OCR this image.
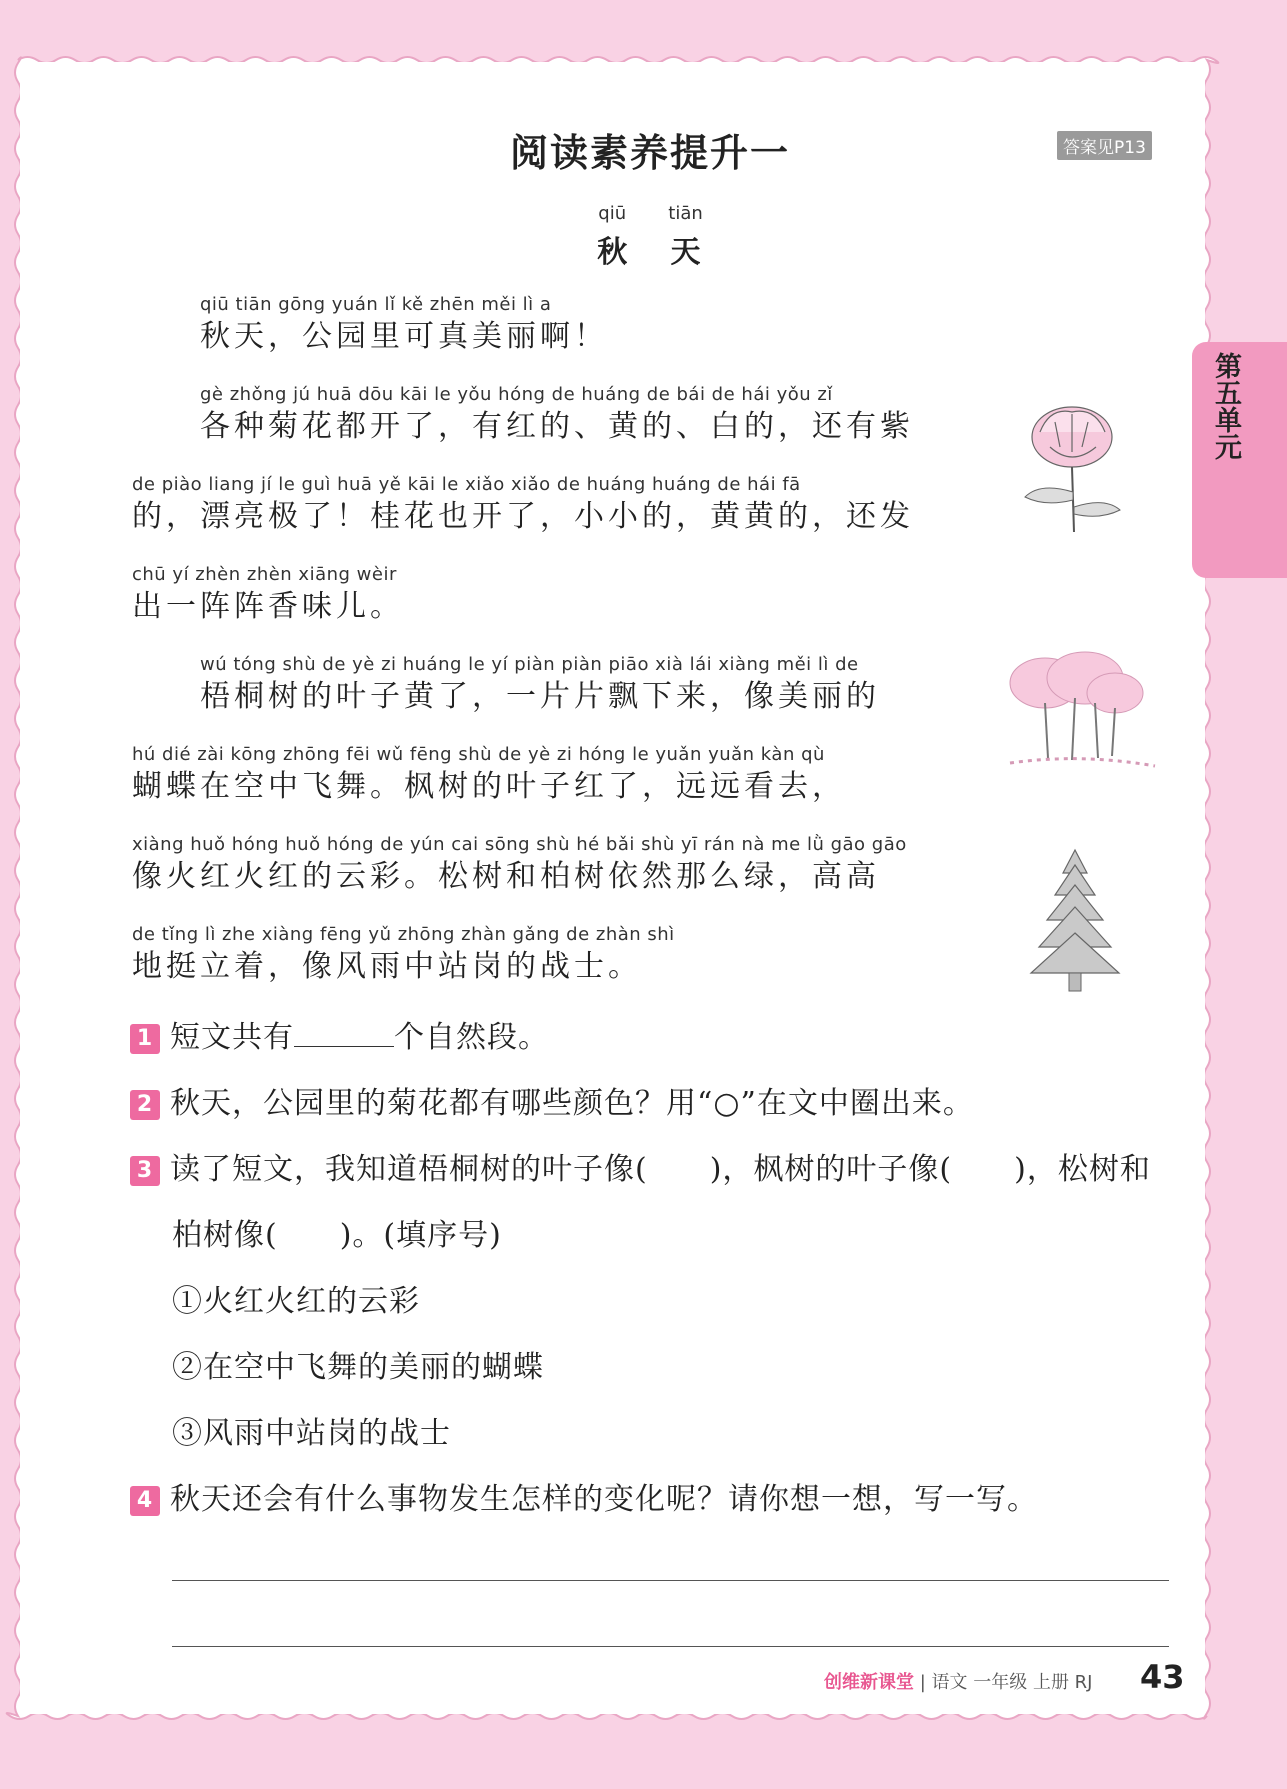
阅读素养提升一	答案见P13
第五单元
qiū
秋

tiān
天
qiū tiān gōng yuán lǐ kě zhēn měi lì a
秋天，公园里可真美丽啊！
gè zhǒng jú huā dōu kāi le yǒu hóng de huáng de bái de hái yǒu zǐ
各种菊花都开了，有红的、黄的、白的，还有紫
de piào liang jí le guì huā yě kāi le xiǎo xiǎo de huáng huáng de hái fā
的，漂亮极了！桂花也开了，小小的，黄黄的，还发
chū yí zhèn zhèn xiāng wèir
出一阵阵香味儿。
wú tóng shù de yè zi huáng le yí piàn piàn piāo xià lái xiàng měi lì de
梧桐树的叶子黄了，一片片飘下来，像美丽的
hú dié zài kōng zhōng fēi wǔ fēng shù de yè zi hóng le yuǎn yuǎn kàn qù
蝴蝶在空中飞舞。枫树的叶子红了，远远看去，
xiàng huǒ hóng huǒ hóng de yún cai sōng shù hé bǎi shù yī rán nà me lǜ gāo gāo
像火红火红的云彩。松树和柏树依然那么绿，高高
de tǐng lì zhe xiàng fēng yǔ zhōng zhàn gǎng de zhàn shì
地挺立着，像风雨中站岗的战士。
1 短文共有	个自然段。
2 秋天，公园里的菊花都有哪些颜色？用“○”在文中圈出来。
3 读了短文，我知道梧桐树的叶子像(　　)，枫树的叶子像(　　)，松树和
柏树像(　　)。(填序号)
①火红火红的云彩
②在空中飞舞的美丽的蝴蝶
③风雨中站岗的战士
4 秋天还会有什么事物发生怎样的变化呢？请你想一想，写一写。
创维新课堂 | 语文 一年级 上册 RJ 43
